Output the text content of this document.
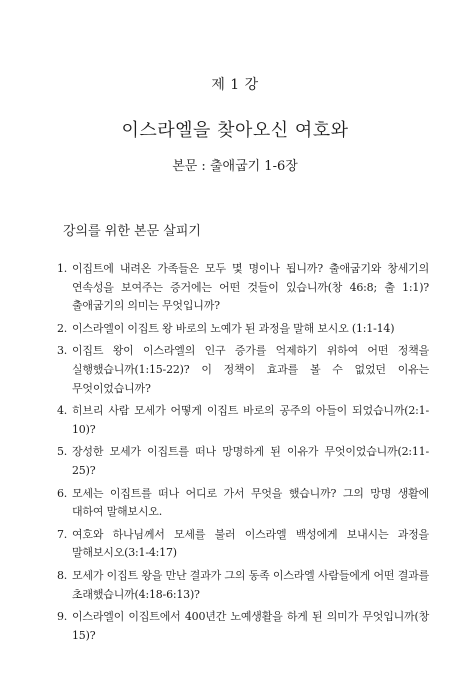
제 1 강
이스라엘을 찾아오신 여호와
본문 : 출애굽기 1-6장
강의를 위한 본문 살피기
1. 이집트에 내려온 가족들은 모두 몇 명이나 됩니까? 출애굽기와 창세기의 연속성을 보여주는 증거에는 어떤 것들이 있습니까(창 46:8; 출 1:1)? 출애굽기의 의미는 무엇입니까?
2. 이스라엘이 이집트 왕 바로의 노예가 된 과정을 말해 보시오 (1:1-14)
3. 이집트 왕이 이스라엘의 인구 증가를 억제하기 위하여 어떤 정책을 실행했습니까(1:15-22)? 이 정책이 효과를 볼 수 없었던 이유는 무엇이었습니까?
4. 히브리 사람 모세가 어떻게 이집트 바로의 공주의 아들이 되었습니까(2:1-10)?
5. 장성한 모세가 이집트를 떠나 망명하게 된 이유가 무엇이었습니까(2:11-25)?
6. 모세는 이집트를 떠나 어디로 가서 무엇을 했습니까? 그의 망명 생활에 대하여 말해보시오.
7. 여호와 하나님께서 모세를 불러 이스라엘 백성에게 보내시는 과정을 말해보시오(3:1-4:17)
8. 모세가 이집트 왕을 만난 결과가 그의 동족 이스라엘 사람들에게 어떤 결과를 초래했습니까(4:18-6:13)?
9. 이스라엘이 이집트에서 400년간 노예생활을 하게 된 의미가 무엇입니까(창 15)?
